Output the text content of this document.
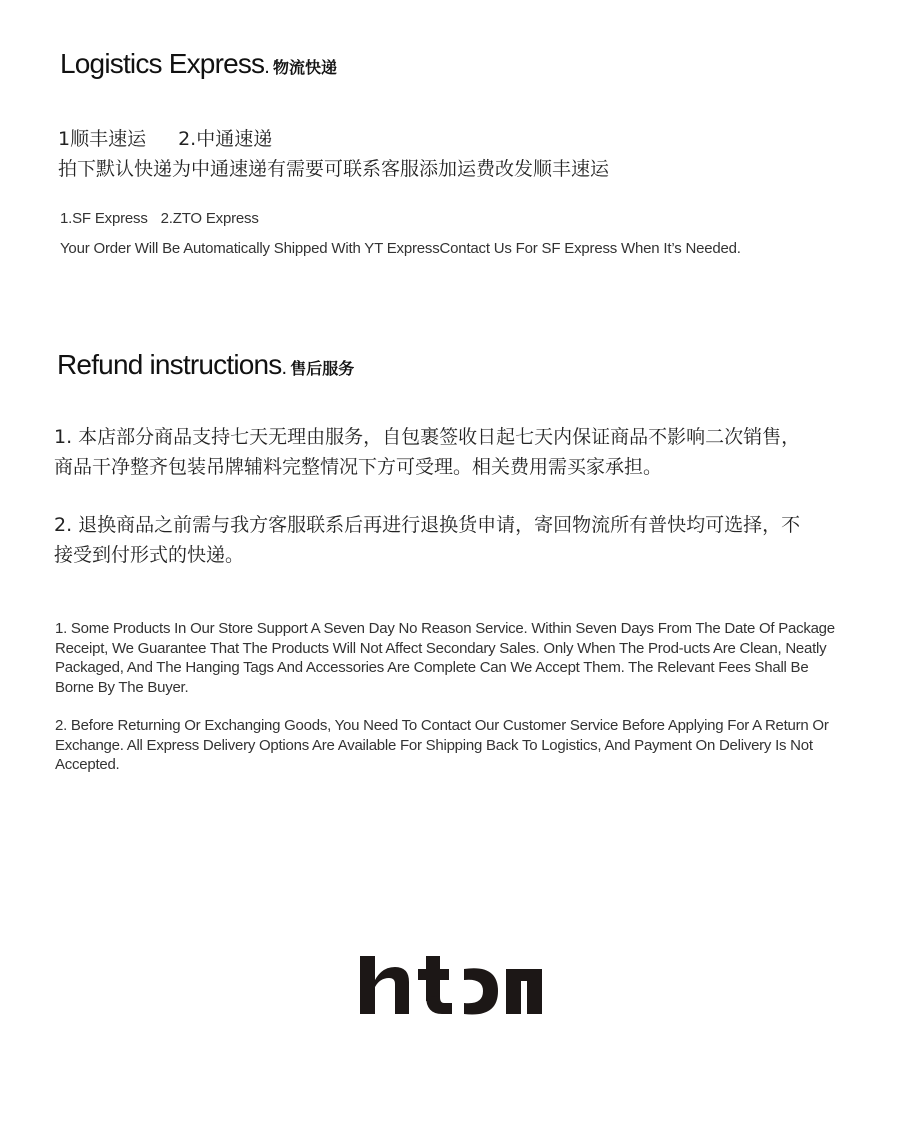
Logistics Express. 物流快递
1顺丰速运 2.中通速递
拍下默认快递为中通速递有需要可联系客服添加运费改发顺丰速运
1.SF Express 2.ZTO Express
Your Order Will Be Automatically Shipped With YT ExpressContact Us For SF Express When It’s Needed.
Refund instructions. 售后服务
1. 本店部分商品支持七天无理由服务，自包裹签收日起七天内保证商品不影响二次销售，
商品干净整齐包装吊牌辅料完整情况下方可受理。相关费用需买家承担。
2. 退换商品之前需与我方客服联系后再进行退换货申请，寄回物流所有普快均可选择，不
接受到付形式的快递。
1. Some Products In Our Store Support A Seven Day No Reason Service. Within Seven Days From The Date Of Package Receipt, We Guarantee That The Products Will Not Affect Secondary Sales. Only When The Prod-ucts Are Clean, Neatly Packaged, And The Hanging Tags And Accessories Are Complete Can We Accept Them. The Relevant Fees Shall Be Borne By The Buyer.
2. Before Returning Or Exchanging Goods, You Need To Contact Our Customer Service Before Applying For A Return Or Exchange. All Express Delivery Options Are Available For Shipping Back To Logistics, And Payment On Delivery Is Not Accepted.
